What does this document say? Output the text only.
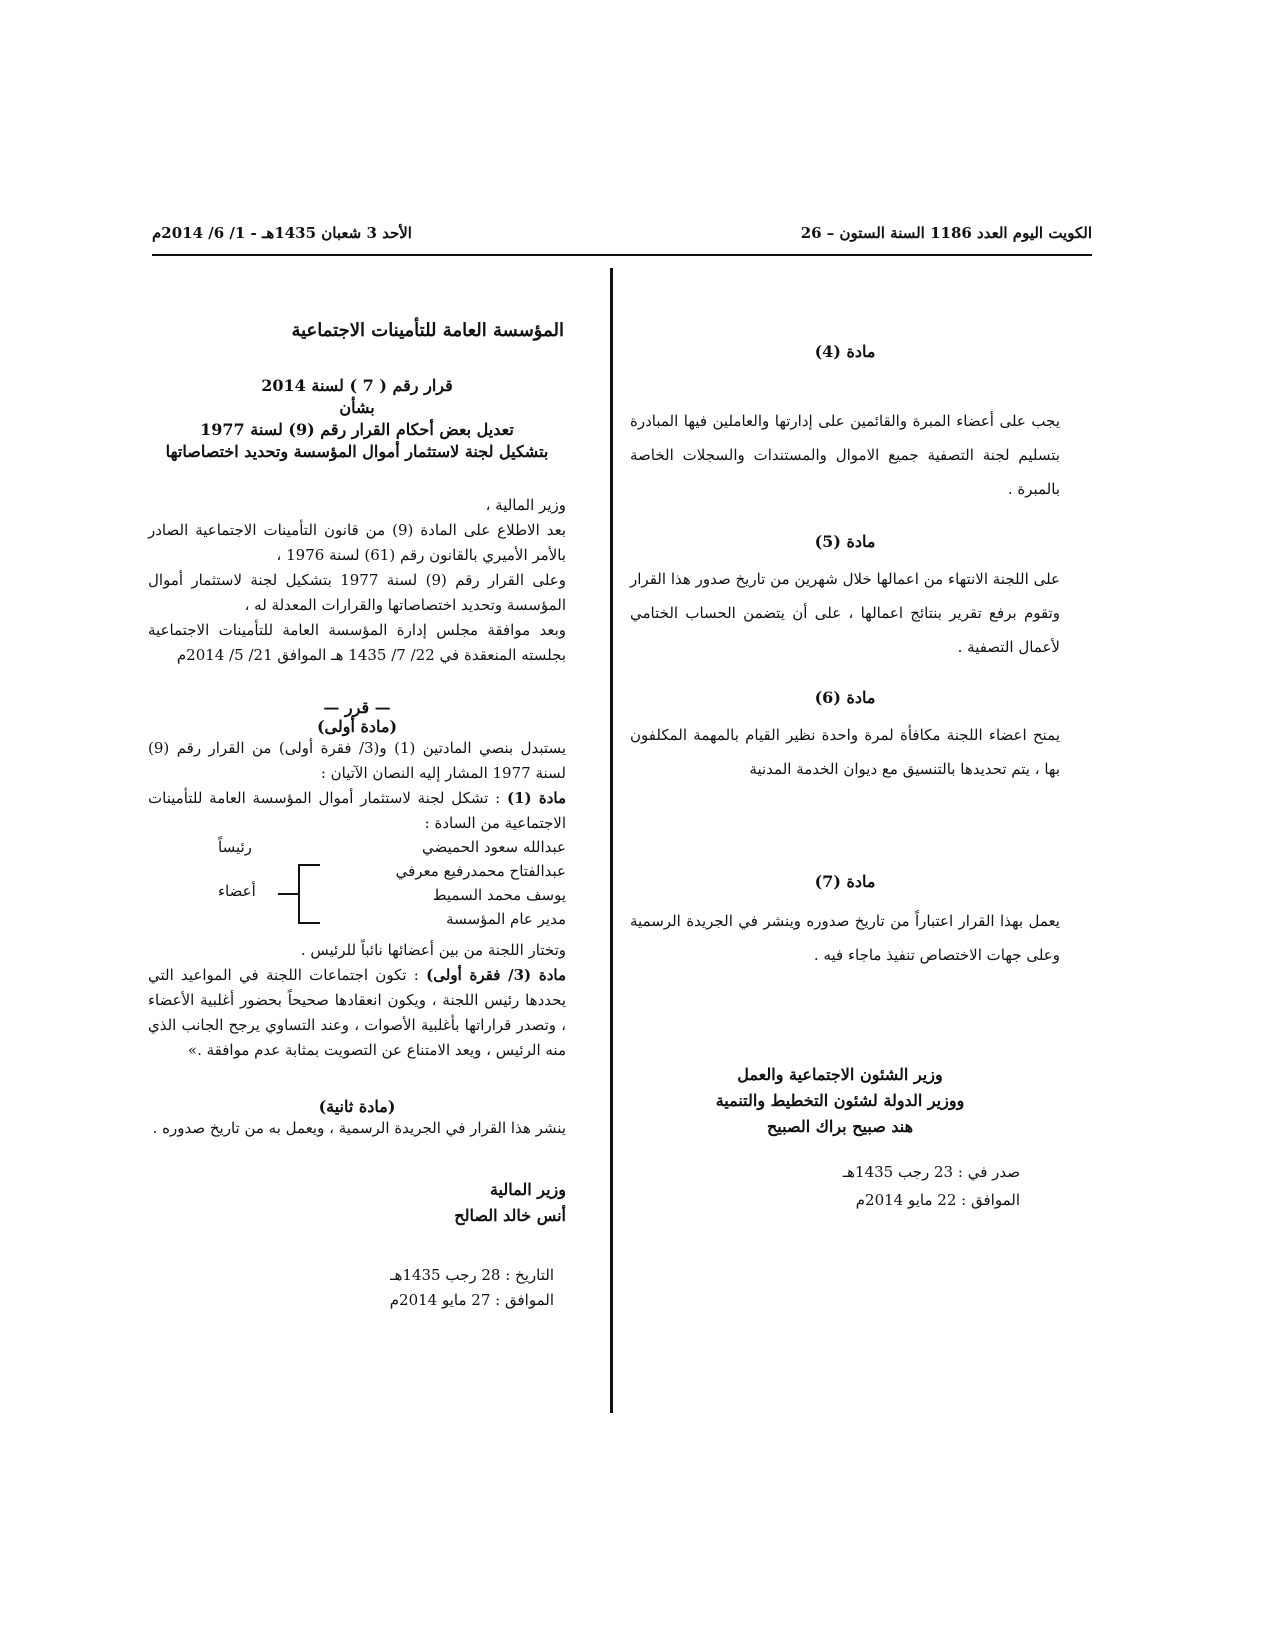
الكويت اليوم العدد 1186 السنة الستون – 26
الأحد 3 شعبان 1435هـ - 1/ 6/ 2014م
المؤسسة العامة للتأمينات الاجتماعية
قرار رقم ( 7 ) لسنة 2014
بشأن
تعديل بعض أحكام القرار رقم (9) لسنة 1977
بتشكيل لجنة لاستثمار أموال المؤسسة وتحديد اختصاصاتها

وزير المالية ،

بعد الاطلاع على المادة (9) من قانون التأمينات الاجتماعية الصادر بالأمر الأميري بالقانون رقم (61) لسنة 1976 ،

وعلى القرار رقم (9) لسنة 1977 بتشكيل لجنة لاستثمار أموال المؤسسة وتحديد اختصاصاتها والقرارات المعدلة له ،

وبعد موافقة مجلس إدارة المؤسسة العامة للتأمينات الاجتماعية بجلسته المنعقدة في 22/ 7/ 1435 هـ الموافق 21/ 5/ 2014م

— قرر —
(مادة أولى)

يستبدل بنصي المادتين (1) و(3/ فقرة أولى) من القرار رقم (9) لسنة 1977 المشار إليه النصان الآتيان :

مادة (1) : تشكل لجنة لاستثمار أموال المؤسسة العامة للتأمينات الاجتماعية من السادة :

عبدالله سعود الحميضي
رئيساً
عبدالفتاح محمدرفيع معرفي
يوسف محمد السميط
مدير عام المؤسسة
أعضاء

وتختار اللجنة من بين أعضائها نائباً للرئيس .

مادة (3/ فقرة أولى) : تكون اجتماعات اللجنة في المواعيد التي يحددها رئيس اللجنة ، ويكون انعقادها صحيحاً بحضور أغلبية الأعضاء ، وتصدر قراراتها بأغلبية الأصوات ، وعند التساوي يرجح الجانب الذي منه الرئيس ، ويعد الامتناع عن التصويت بمثابة عدم موافقة .»

(مادة ثانية)

ينشر هذا القرار في الجريدة الرسمية ، ويعمل به من تاريخ صدوره .

وزير المالية
أنس خالد الصالح
التاريخ : 28 رجب 1435هـ
الموافق : 27 مايو 2014م
مادة (4)

يجب على أعضاء المبرة والقائمين على إدارتها والعاملين فيها المبادرة بتسليم لجنة التصفية جميع الاموال والمستندات والسجلات الخاصة بالمبرة .

مادة (5)

على اللجنة الانتهاء من اعمالها خلال شهرين من تاريخ صدور هذا القرار وتقوم برفع تقرير بنتائج اعمالها ، على أن يتضمن الحساب الختامي لأعمال التصفية .

مادة (6)

يمنح اعضاء اللجنة مكافأة لمرة واحدة نظير القيام بالمهمة المكلفون بها ، يتم تحديدها بالتنسيق مع ديوان الخدمة المدنية

مادة (7)

يعمل بهذا القرار اعتباراً من تاريخ صدوره وينشر في الجريدة الرسمية وعلى جهات الاختصاص تنفيذ ماجاء فيه .

وزير الشئون الاجتماعية والعمل
ووزير الدولة لشئون التخطيط والتنمية
هند صبيح براك الصبيح
صدر في : 23 رجب 1435هـ
الموافق : 22 مايو 2014م
